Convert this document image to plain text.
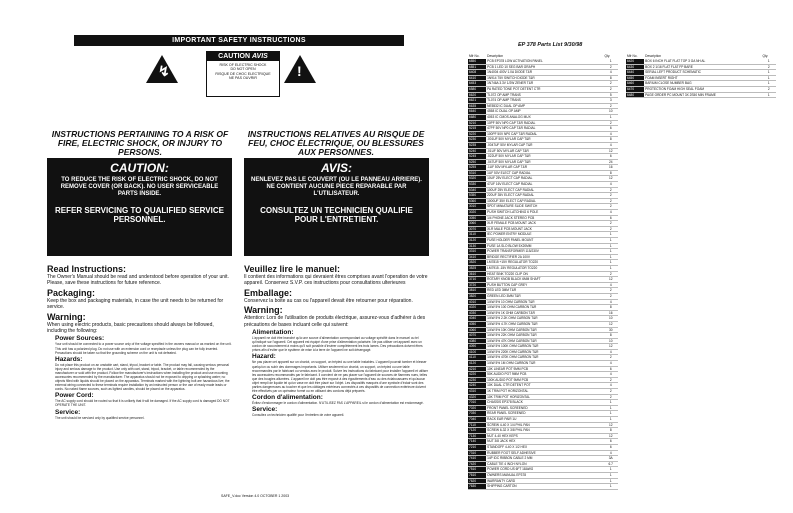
IMPORTANT SAFETY INSTRUCTIONS
↯
CAUTION AVIS
RISK OF ELECTRIC SHOCK
DO NOT OPEN
RISQUE DE CHOC ELECTRIQUE
NE PAS OUVRIR	!
INSTRUCTIONS PERTAINING TO A RISK OF FIRE, ELECTRIC SHOCK, OR INJURY TO PERSONS.
INSTRUCTIONS RELATIVES AU RISQUE DE FEU, CHOC ÉLECTRIQUE, OU BLESSURES AUX PERSONNES.
CAUTION:
TO REDUCE THE RISK OF ELECTRIC SHOCK, DO NOT REMOVE COVER (OR BACK). NO USER SERVICEABLE PARTS INSIDE.
REFER SERVICING TO QUALIFIED SERVICE PERSONNEL.
AVIS:
NENLEVEZ PAS LE COUVERT (OU LE PANNEAU ARRIERE). NE CONTIENT AUCUNE PIECE REPARABLE PAR L'UTILISATEUR.
CONSULTEZ UN TECHNICIEN QUALIFIE POUR L'ENTRETIENT.
Read Instructions:
The Owner's Manual should be read and understood before operation of your unit. Please, save these instructions for future reference.
Packaging:
Keep the box and packaging materials, in case the unit needs to be returned for service.
Warning:
When using electric products, basic precautions should always be followed, including the following:
Power Sources:
Your unit should be connected to a power source only of the voltage specified in the owners manual or as marked on the unit. This unit has a polarized plug. Do not use with an extension cord or receptacle unless the plug can be fully inserted. Precautions should be taken so that the grounding scheme on the unit is not defeated.
Hazards:
Do not place this product on an unstable cart, stand, tripod, bracket or table. The product may fall, causing serious personal injury and serious damage to the product. Use only with cart, stand, tripod, bracket, or table recommended by the manufacturer or sold with the product. Follow the manufacturer's instructions when installing the product and use mounting accessories recommended by the manufacturer. The apparatus should not be exposed to dripping or splashing water; no objects filled with liquids should be placed on the apparatus. Terminals marked with the lightning bolt are hazardous live; the external wiring connected to these terminals require installation by an instructed person or the use of ready made leads or cords. No naked flame sources, such as lighted candles, should be placed on the apparatus.
Power Cord:
The AC supply cord should be routed so that it is unlikely that it will be damaged. If the AC supply cord is damaged DO NOT OPERATE THE UNIT.
Service:
The unit should be serviced only by qualified service personnel.
Veuillez lire le manuel:
Il contient des informations qui devraient êtres comprises avant l'operation de votre appareil. Conservez S.V.P. ces instructions pour consultations ulterieures
Emballage:
Conservez la boite au cas ou l'appareil devait être retourner pour réparation.
Warning:
Attention: Lors de l'utilisation de produits électrique, assurez-vous d'adhérer à des précautions de bases incluant celle qui suivent:
Alimentation:
L'appareil ne doit être branché qu'à une source d'alimentation correspondant au voltage spécifié dans le manuel ou tel qu'indiqué sur l'appareil. Cet appareil est équipé d'une prise d'alimentation polarisée. Ne pas utiliser cet appareil avec un cordon de raccordement à moins qu'il soit possible d'insérer complètement les trois lames. Des précautions doivent êtres prises afin d'eviter que le système de mise à la terre de l'appareil ne soit désengagé.
Hazard:
Ne pas placer cet appareil sur un chariot, un support, un trépied ou une table instables. L'appareil pourrait tomber et blesser quelqu'un ou subir des dommages importants. Utiliser seulement un chariot, un support, un trépied ou une table recommandés par le fabricant ou vendus avec le produit. Suivre les instructions du fabricant pour installer l'appareil et utiliser les accessoires recommandés par le fabricant. Il convient de ne pas placer sur l'appareil de sources de flammes nues, telles que des bougies allumées. L'appareil ne doit pas être exposé à des égouttements d'eau ou des éclaboussures et qu'aucun objet rempli de liquide tel qu'un vase ne doit être placé sur l'objet. Les dispositifs marqués d'une symbole d'éclair sont des parties dangereuses au toucher et que les câblages extérieurs connectés à ces dispositifs de connection extérieure doivent être effectivés par un opérateur formé ou en utilisant des cordons déjà préparés.
Cordon d'alimentation:
Évitez d'endommager le cordon d'alimentation. N'UTILISEZ PAS L'APPAREIL si le cordon d'alimentation est endommagé.
Service:
Consultez un technicien qualifié pour l'entretien de votre appareil.
SAFE_V.doc Version 4.0 OCTOBER 1 2003
EP 378 Parts List 9/30/98
Mfr No.	Description	Qty.
6850	PCB EP378 LOW ACTIVATION PANEL	1
6851	PCB 1 LED 10 SEG BAR GRAPH	2
6408	1N4004 400V 1.0A DIODE T&R	4
6410	1N914 75V SWITCH DIODE T&R	8
6453	1N746A 3.3V 1/2W ZENER T&R	2
6580	PA RATED TONE POT DETENT CTR	2
6620	TL072 OP AMP TRANS	5
6621	TL074 OP AMP TRANS	3
6635	NE5532 IC DUAL OP AMP	2
6640	4558 IC DUAL OP AMP	10
6680	4053 IC CMOS ANALOG MUX	1
5210	10PF 50V NP0 CAP T&R RADIAL	2
5215	47PF 50V NP0 CAP T&R RADIAL	6
5220	100PF 50V NP0 CAP T&R RADIAL	4
5230	.001UF 50V MYLAR CAP T&R	8
5235	.0047UF 50V MYLAR CAP T&R	4
5240	.01UF 50V MYLAR CAP T&R	12
5245	.022UF 50V MYLAR CAP T&R	6
5250	.047UF 50V MYLAR CAP T&R	24
5255	.1UF 50V MYLAR CAP T&R	16
5310	1UF 50V ELECT CAP RADIAL	8
5320	10UF 25V ELECT CAP RADIAL	12
5330	47UF 16V ELECT CAP RADIAL	4
5340	100UF 25V ELECT CAP RADIAL	2
5350	220UF 35V ELECT CAP RADIAL	2
5360	1000UF 35V ELECT CAP RADIAL	2
3010	SPDT MINIATURE SLIDE SWITCH	2
3020	PUSH SWITCH LATCHING 6 POLE	4
3050	1/4 PHONE JACK STEREO PCB	6
3060	XLR FEMALE PCB MOUNT JACK	2
3070	XLR MALE PCB MOUNT JACK	2
3110	IEC POWER ENTRY MODULE	1
3120	FUSE HOLDER PANEL MOUNT	1
3130	FUSE 1A SLO BLOW 5X20MM	1
3310	POWER TRANSFORMER 115/230V	1
3410	BRIDGE RECTIFIER 2A 100V	1
3520	LM7815 +15V REGULATOR TO220	1
3525	LM7915 -15V REGULATOR TO220	1
3610	HEAT SINK TO220 CLIP ON	2
3710	ROTARY KNOB BLACK 6MM SHAFT	12
3720	PUSH BUTTON CAP GREY	4
3810	RED LED 3MM T&R	2
3820	GREEN LED 3MM T&R	2
4010	1/4W 5% 10 OHM CARBON T&R	4
4020	1/4W 5% 100 OHM CARBON T&R	8
4030	1/4W 5% 1K OHM CARBON T&R	16
4040	1/4W 5% 2.2K OHM CARBON T&R	10
4050	1/4W 5% 4.7K OHM CARBON T&R	12
4060	1/4W 5% 10K OHM CARBON T&R	30
4070	1/4W 5% 22K OHM CARBON T&R	8
4080	1/4W 5% 47K OHM CARBON T&R	10
4090	1/4W 5% 100K OHM CARBON T&R	12
4100	1/4W 5% 220K OHM CARBON T&R	4
4110	1/4W 5% 470K OHM CARBON T&R	2
4120	1/4W 5% 1M OHM CARBON T&R	4
4210	10K LINEAR POT 9MM PCB	6
4220	50K AUDIO POT 9MM PCB	4
4230	100K AUDIO POT 9MM PCB	2
4240	10K DUAL CTR DETENT POT	4
4310	1K TRIM POT HORIZONTAL	2
4320	10K TRIM POT HORIZONTAL	2
7010	CHASSIS EP378 BLACK	1
7020	FRONT PANEL SCREENED	1
7030	REAR PANEL SCREENED	1
7040	RACK EAR PAIR 1U	1
7110	SCREW 4-40 X 1/4 PHIL PAN	12
7120	SCREW 6-32 X 3/8 PHIL PAN	8
7130	NUT 4-40 HEX KEPS	12
7140	NUT 3/8 JACK HEX	6
7210	STANDOFF 4-40 X 1/2 HEX	6
7310	RUBBER FOOT SELF ADHESIVE	4
7410	14P IDC RIBBON CABLE 2 MM	3A
7420	CABLE TIE 4 INCH NYLON	6.7
7510	POWER CORD US 6FT 18AWG	1
7610	OWNERS MANUAL EP378	1
7620	WARRANTY CARD	1
7630	SHIPPING CARTON	1
Mfr No.	Description	Qty.
6420	BOX 6 INCH FLAT FLAT TOP 3 GA NH AL	1
6430	BOX 2 1/16 FLAT FLAT FP BARE	2
6440	SERIAL LEFT PRODUCT SCHEMATIC	1
6450	FOAM INSERT RIGHT	1
6460	BARIUM CLOSE NUMBER BAG	1
6470	PROTECTION FOAM HIGH SEAL FOAM	2
6480	PAGE ORDER PC MOUNT 3X 2S50 MIN FRAME	1
